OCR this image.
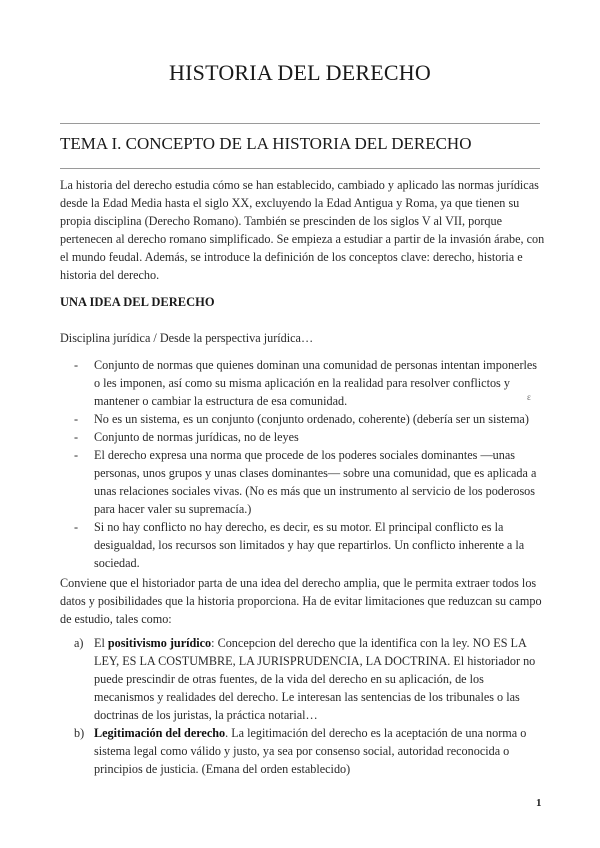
HISTORIA DEL DERECHO
TEMA I. CONCEPTO DE LA HISTORIA DEL DERECHO

La historia del derecho estudia cómo se han establecido, cambiado y aplicado las normas jurídicas desde la Edad Media hasta el siglo XX, excluyendo la Edad Antigua y Roma, ya que tienen su propia disciplina (Derecho Romano). También se prescinden de los siglos V al VII, porque pertenecen al derecho romano simplificado. Se empieza a estudiar a partir de la invasión árabe, con el mundo feudal. Además, se introduce la definición de los conceptos clave: derecho, historia e historia del derecho.

UNA IDEA DEL DERECHO
Disciplina jurídica / Desde la perspectiva jurídica…
- Conjunto de normas que quienes dominan una comunidad de personas intentan imponerles o les imponen, así como su misma aplicación en la realidad para resolver conflictos y mantener o cambiar la estructura de esa comunidad.
- No es un sistema, es un conjunto (conjunto ordenado, coherente) (debería ser un sistema)
- Conjunto de normas jurídicas, no de leyes
- El derecho expresa una norma que procede de los poderes sociales dominantes —unas personas, unos grupos y unas clases dominantes— sobre una comunidad, que es aplicada a unas relaciones sociales vivas. (No es más que un instrumento al servicio de los poderosos para hacer valer su supremacía.)
- Si no hay conflicto no hay derecho, es decir, es su motor. El principal conflicto es la desigualdad, los recursos son limitados y hay que repartirlos. Un conflicto inherente a la sociedad.
ɛ

Conviene que el historiador parta de una idea del derecho amplia, que le permita extraer todos los datos y posibilidades que la historia proporciona. Ha de evitar limitaciones que reduzcan su campo de estudio, tales como:

a) El positivismo jurídico: Concepcion del derecho que la identifica con la ley. NO ES LA LEY, ES LA COSTUMBRE, LA JURISPRUDENCIA, LA DOCTRINA. El historiador no puede prescindir de otras fuentes, de la vida del derecho en su aplicación, de los mecanismos y realidades del derecho. Le interesan las sentencias de los tribunales o las doctrinas de los juristas, la práctica notarial…
b) Legitimación del derecho. La legitimación del derecho es la aceptación de una norma o sistema legal como válido y justo, ya sea por consenso social, autoridad reconocida o principios de justicia. (Emana del orden establecido)
1
